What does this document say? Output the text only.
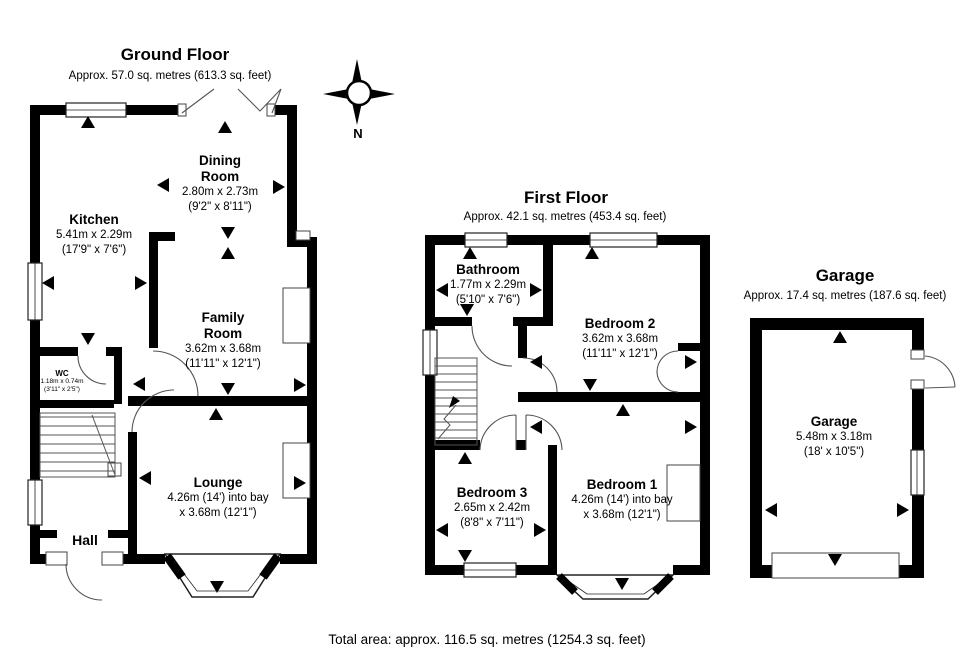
Ground Floor
Approx. 57.0 sq. metres (613.3 sq. feet)
First Floor
Approx. 42.1 sq. metres (453.4 sq. feet)
Garage
Approx. 17.4 sq. metres (187.6 sq. feet)
Total area: approx. 116.5 sq. metres (1254.3 sq. feet)
N
Kitchen
5.41m x 2.29m
(17'9" x 7'6")
Dining
Room
2.80m x 2.73m
(9'2" x 8'11")
Family
Room
3.62m x 3.68m
(11'11" x 12'1")
WC
1.18m x 0.74m
(3'11" x 2'5")
Lounge
4.26m (14') into bay
x 3.68m (12'1")
Hall
Bathroom
1.77m x 2.29m
(5'10" x 7'6")
Bedroom 2
3.62m x 3.68m
(11'11" x 12'1")
Bedroom 3
2.65m x 2.42m
(8'8" x 7'11")
Bedroom 1
4.26m (14') into bay
x 3.68m (12'1")
Garage
5.48m x 3.18m
(18' x 10'5")
